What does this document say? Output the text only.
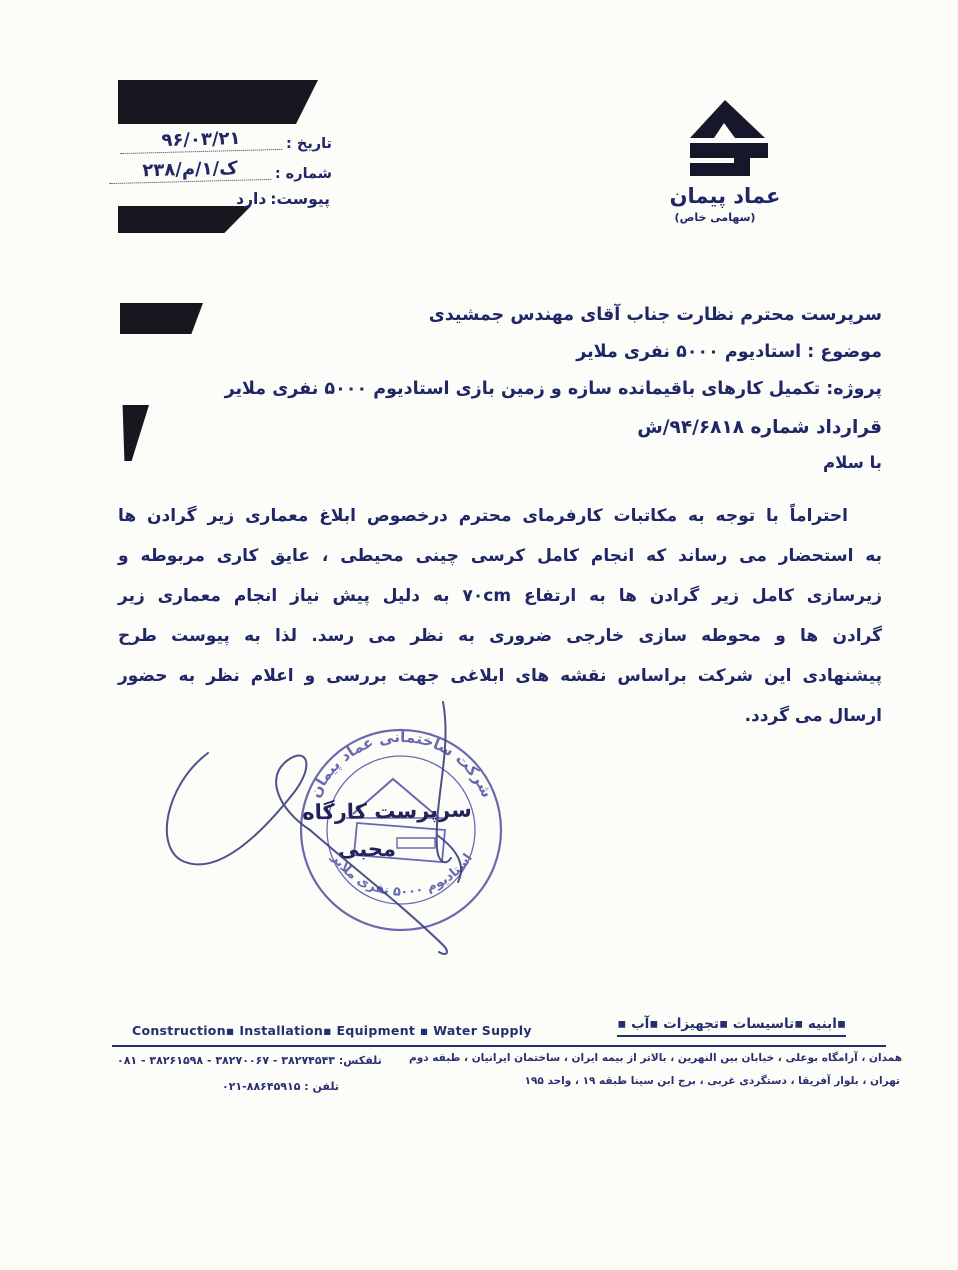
تاریخ :
۹۶/۰۳/۲۱
شماره :
ک/۱/م/۲۳۸
پیوست:
دارد	عماد پیمان
(سهامی خاص)
سرپرست محترم نظارت جناب آقای مهندس جمشیدی
موضوع : استادیوم ۵۰۰۰ نفری ملایر
پروژه: تکمیل کارهای باقیمانده سازه و زمین بازی استادیوم ۵۰۰۰ نفری ملایر
قرارداد شماره ۹۴/۶۸۱۸/ش
با سلام
احتراماً با توجه به مکاتبات کارفرمای محترم درخصوص ابلاغ معماری زیر گرادن ها
به استحضار می رساند که انجام کامل کرسی چینی محیطی ، عایق کاری مربوطه و
زیرسازی کامل زیر گرادن ها به ارتفاع ۷۰cm به دلیل پیش نیاز انجام معماری زیر
گرادن ها و محوطه سازی خارجی ضروری به نظر می رسد. لذا به پیوست طرح
پیشنهادی این شرکت براساس نقشه های ابلاغی جهت بررسی و اعلام نظر به حضور
ارسال می گردد.
شرکت ساختمانی عماد پیمان
استادیوم ۵۰۰۰ نفری ملایر
سرپرست کارگاه
محبی
▪ابنیه ▪تاسیسات ▪تجهیزات ▪آب ▪
Construction▪ Installation▪ Equipment ▪ Water Supply
همدان ، آرامگاه بوعلی ، خیابان بین النهرین ، بالاتر از بیمه ایران ، ساختمان ایرانیان ، طبقه دوم
تلفکس: ۳۸۲۷۴۵۴۳ - ۳۸۲۷۰۰۶۷ - ۳۸۲۶۱۵۹۸ - ۰۸۱
تهران ، بلوار آفریقا ، دستگردی غربی ، برج ابن سینا طبقه ۱۹ ، واحد ۱۹۵
تلفن : ۸۸۶۴۵۹۱۵-۰۲۱
